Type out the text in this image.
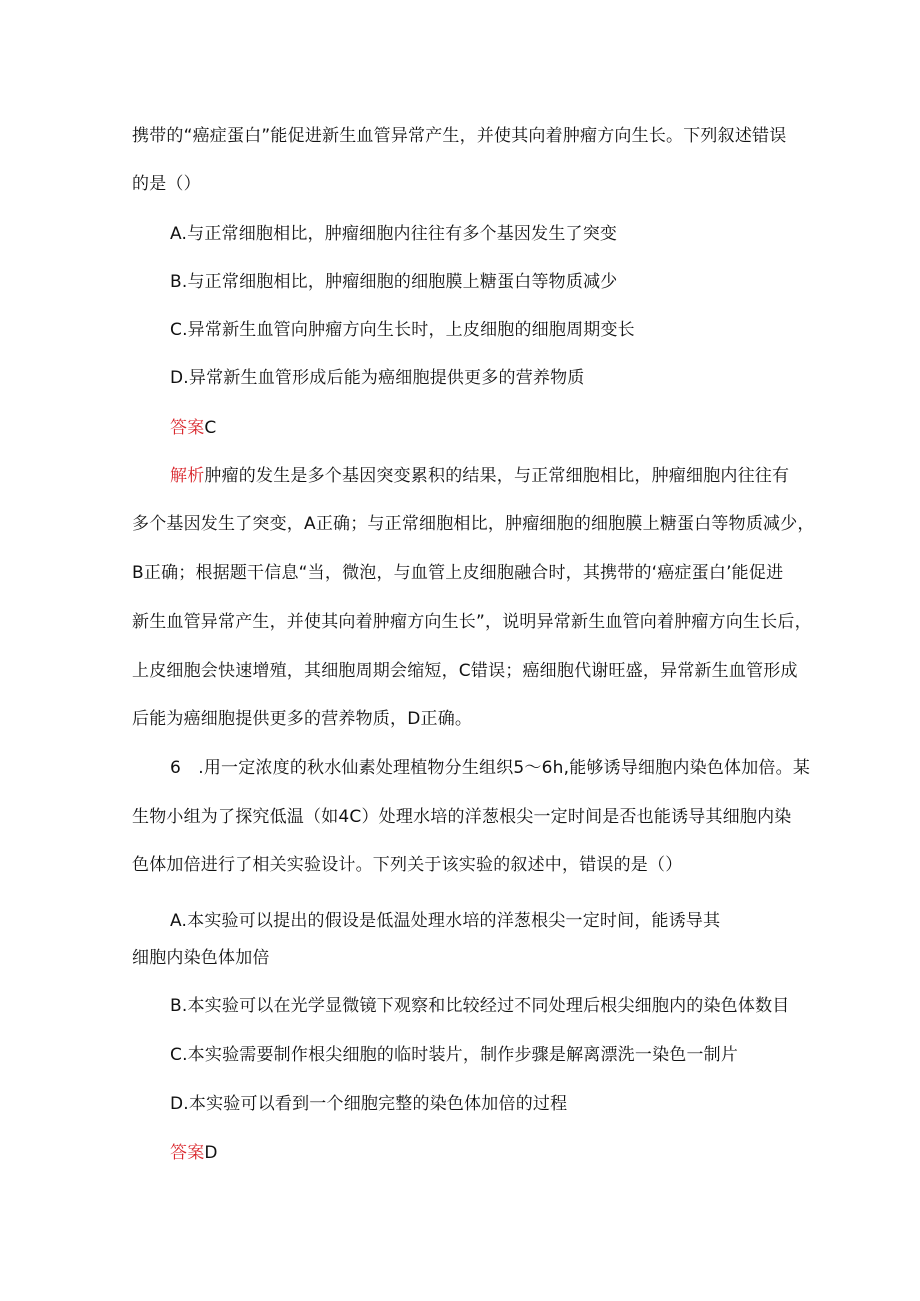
携带的“癌症蛋白”能促进新生血管异常产生，并使其向着肿瘤方向生长。下列叙述错误
的是（）
A.与正常细胞相比，肿瘤细胞内往往有多个基因发生了突变
B.与正常细胞相比，肿瘤细胞的细胞膜上糖蛋白等物质减少
C.异常新生血管向肿瘤方向生长时，上皮细胞的细胞周期变长
D.异常新生血管形成后能为癌细胞提供更多的营养物质
答案C
解析肿瘤的发生是多个基因突变累积的结果，与正常细胞相比，肿瘤细胞内往往有
多个基因发生了突变，A正确；与正常细胞相比，肿瘤细胞的细胞膜上糖蛋白等物质减少，
B正确；根据题干信息“当，微泡，与血管上皮细胞融合时，其携带的‘癌症蛋白’能促进
新生血管异常产生，并使其向着肿瘤方向生长”，说明异常新生血管向着肿瘤方向生长后，
上皮细胞会快速增殖，其细胞周期会缩短，C错误；癌细胞代谢旺盛，异常新生血管形成
后能为癌细胞提供更多的营养物质，D正确。
6　.用一定浓度的秋水仙素处理植物分生组织5～6h,能够诱导细胞内染色体加倍。某
生物小组为了探究低温（如4C）处理水培的洋葱根尖一定时间是否也能诱导其细胞内染
色体加倍进行了相关实验设计。下列关于该实验的叙述中，错误的是（）
A.本实验可以提出的假设是低温处理水培的洋葱根尖一定时间，能诱导其
细胞内染色体加倍
B.本实验可以在光学显微镜下观察和比较经过不同处理后根尖细胞内的染色体数目
C.本实验需要制作根尖细胞的临时装片，制作步骤是解离漂洗一染色一制片
D.本实验可以看到一个细胞完整的染色体加倍的过程
答案D
